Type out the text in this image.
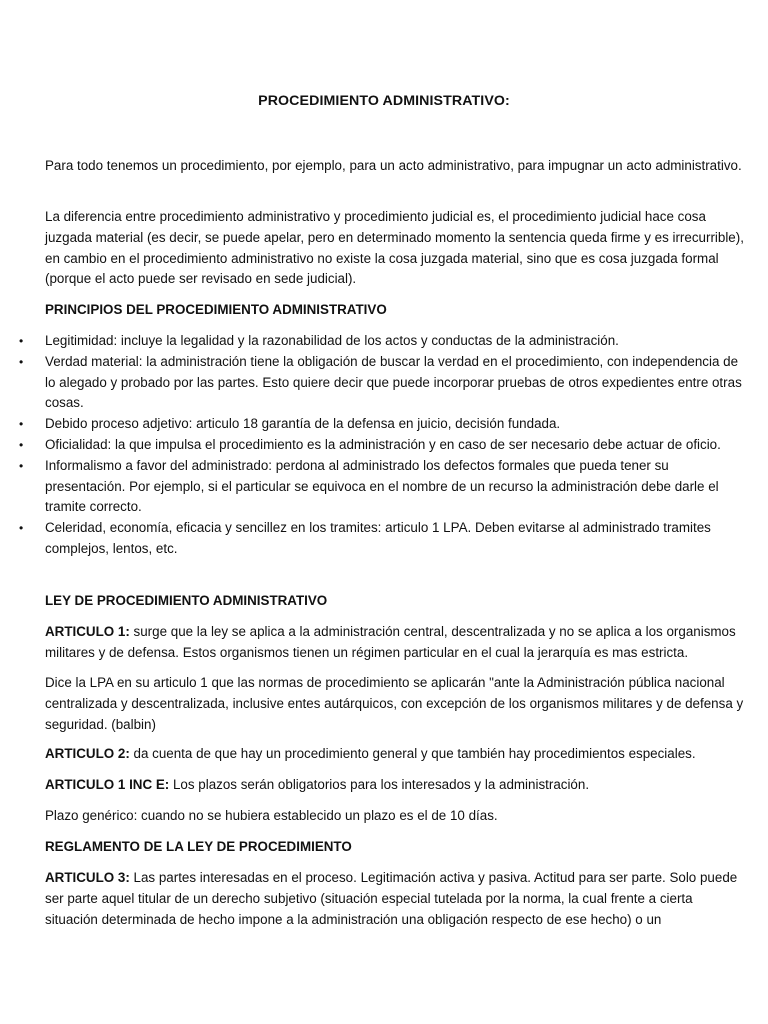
PROCEDIMIENTO ADMINISTRATIVO:

Para todo tenemos un procedimiento, por ejemplo, para un acto administrativo, para impugnar un acto administrativo.

La diferencia entre procedimiento administrativo y procedimiento judicial es, el procedimiento judicial hace cosa juzgada material (es decir, se puede apelar, pero en determinado momento la sentencia queda firme y es irrecurrible), en cambio en el procedimiento administrativo no existe la cosa juzgada material, sino que es cosa juzgada formal (porque el acto puede ser revisado en sede judicial).

PRINCIPIOS DEL PROCEDIMIENTO ADMINISTRATIVO

• Legitimidad: incluye la legalidad y la razonabilidad de los actos y conductas de la administración.
• Verdad material: la administración tiene la obligación de buscar la verdad en el procedimiento, con independencia de lo alegado y probado por las partes. Esto quiere decir que puede incorporar pruebas de otros expedientes entre otras cosas.
• Debido proceso adjetivo: articulo 18 garantía de la defensa en juicio, decisión fundada.
• Oficialidad: la que impulsa el procedimiento es la administración y en caso de ser necesario debe actuar de oficio.
• Informalismo a favor del administrado: perdona al administrado los defectos formales que pueda tener su presentación. Por ejemplo, si el particular se equivoca en el nombre de un recurso la administración debe darle el tramite correcto.
• Celeridad, economía, eficacia y sencillez en los tramites: articulo 1 LPA. Deben evitarse al administrado tramites complejos, lentos, etc.

LEY DE PROCEDIMIENTO ADMINISTRATIVO

ARTICULO 1: surge que la ley se aplica a la administración central, descentralizada y no se aplica a los organismos militares y de defensa. Estos organismos tienen un régimen particular en el cual la jerarquía es mas estricta.

Dice la LPA en su articulo 1 que las normas de procedimiento se aplicarán "ante la Administración pública nacional centralizada y descentralizada, inclusive entes autárquicos, con excepción de los organismos militares y de defensa y seguridad. (balbin)

ARTICULO 2: da cuenta de que hay un procedimiento general y que también hay procedimientos especiales.

ARTICULO 1 INC E: Los plazos serán obligatorios para los interesados y la administración.

Plazo genérico: cuando no se hubiera establecido un plazo es el de 10 días.

REGLAMENTO DE LA LEY DE PROCEDIMIENTO

ARTICULO 3: Las partes interesadas en el proceso. Legitimación activa y pasiva. Actitud para ser parte. Solo puede ser parte aquel titular de un derecho subjetivo (situación especial tutelada por la norma, la cual frente a cierta situación determinada de hecho impone a la administración una obligación respecto de ese hecho) o un
